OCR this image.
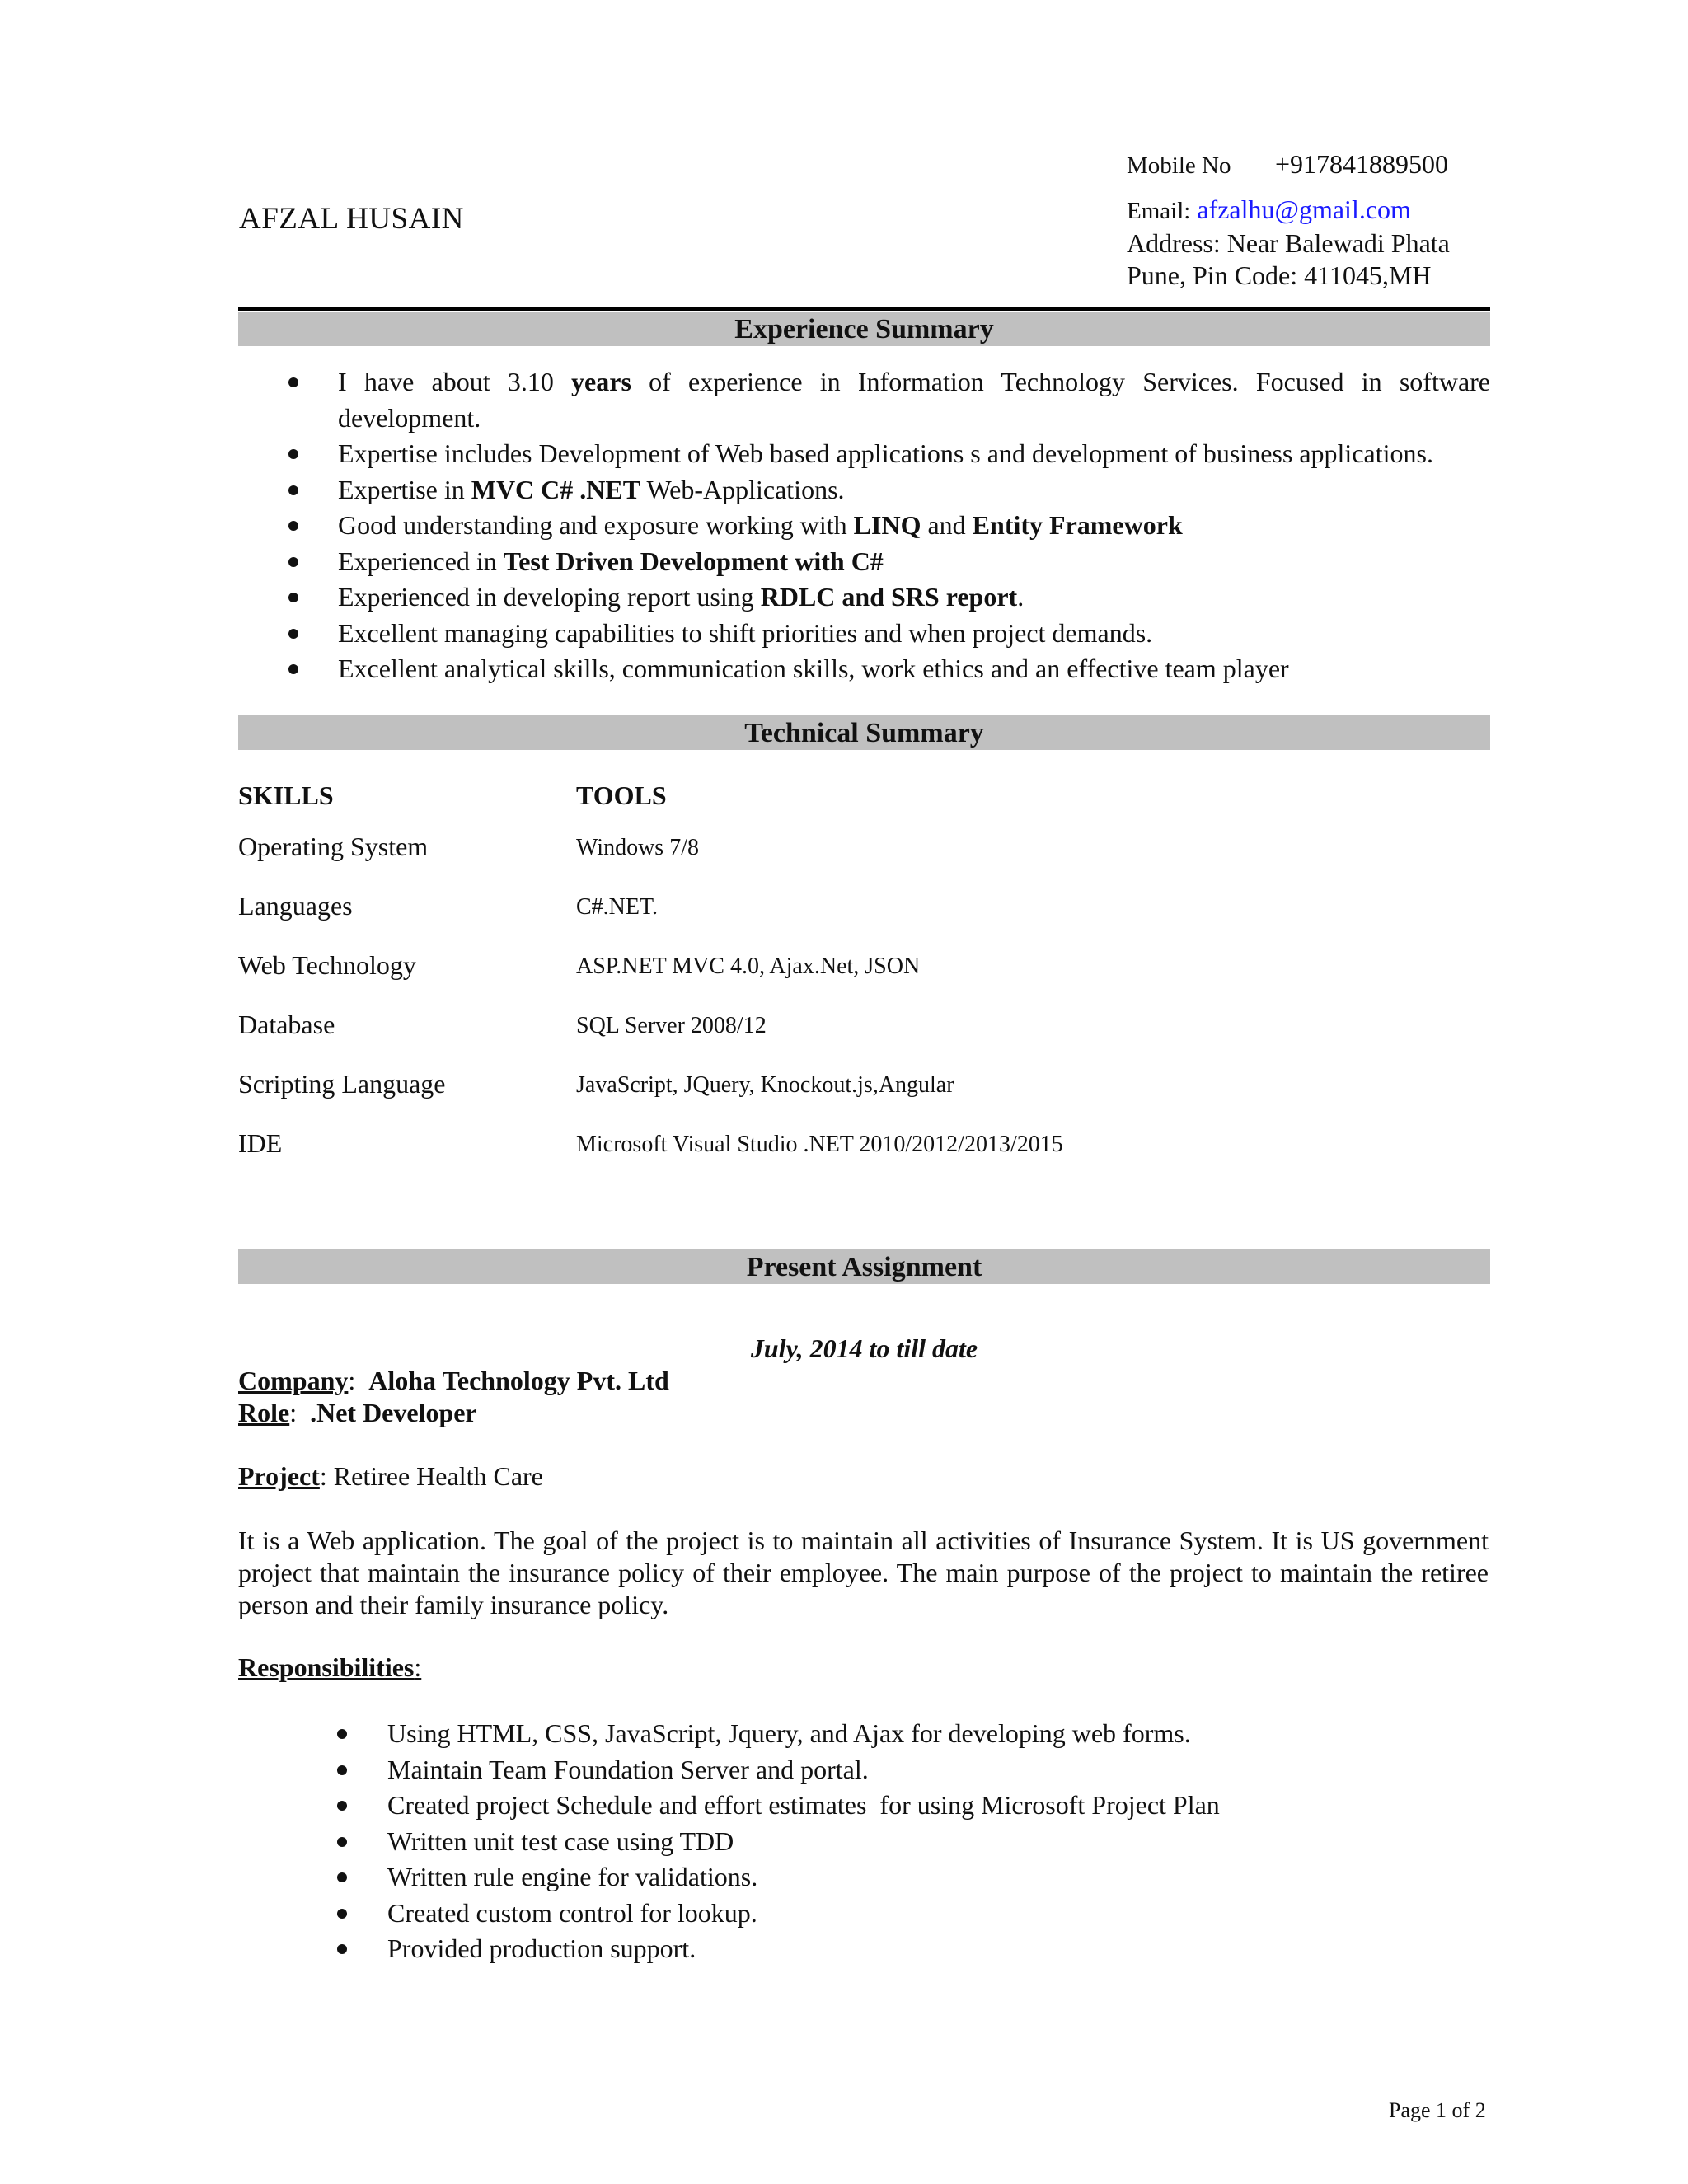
AFZAL HUSAIN
Mobile No +917841889500
Email: afzalhu@gmail.com
Address: Near Balewadi Phata
Pune, Pin Code: 411045,MH
Experience Summary
I have about 3.10 years of experience in Information Technology Services. Focused in software development.
Expertise includes Development of Web based applications s and development of business applications.
Expertise in MVC C# .NET Web-Applications.
Good understanding and exposure working with LINQ and Entity Framework
Experienced in Test Driven Development with C#
Experienced in developing report using RDLC and SRS report.
Excellent managing capabilities to shift priorities and when project demands.
Excellent analytical skills, communication skills, work ethics and an effective team player
Technical Summary
SKILLS	TOOLS
Operating System	Windows 7/8
Languages	C#.NET.
Web Technology	ASP.NET MVC 4.0, Ajax.Net, JSON
Database	SQL Server 2008/12
Scripting Language	JavaScript, JQuery, Knockout.js,Angular
IDE	Microsoft Visual Studio .NET 2010/2012/2013/2015
Present Assignment
July, 2014 to till date
Company:  Aloha Technology Pvt. Ltd
Role:  .Net Developer
Project: Retiree Health Care
It is a Web application. The goal of the project is to maintain all activities of Insurance System. It is US government project that maintain the insurance policy of their employee. The main purpose of the project to maintain the retiree person and their family insurance policy.
Responsibilities:
Using HTML, CSS, JavaScript, Jquery, and Ajax for developing web forms.
Maintain Team Foundation Server and portal.
Created project Schedule and effort estimates  for using Microsoft Project Plan
Written unit test case using TDD
Written rule engine for validations.
Created custom control for lookup.
Provided production support.
Page 1 of 2
